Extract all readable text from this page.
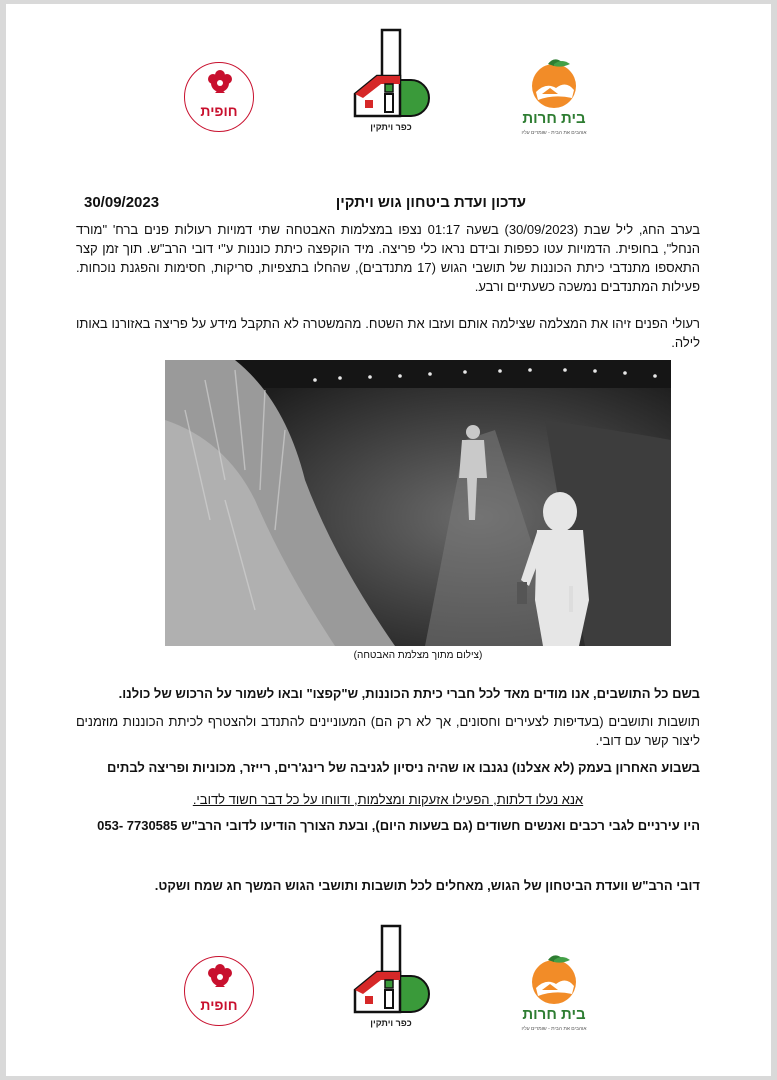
חופית
כפר ויתקין	בית חרות
אוהבים את הבית - שומרים עליו
30/09/2023	עדכון ועדת ביטחון גוש ויתקין
בערב החג, ליל שבת (30/09/2023) בשעה 01:17 נצפו במצלמות האבטחה שתי דמויות רעולות פנים ברח' "מורד הנחל", בחופית. הדמויות עטו כפפות ובידם נראו כלי פריצה. מיד הוקפצה כיתת כוננות ע"י דובי הרב"ש. תוך זמן קצר התאספו מתנדבי כיתת הכוננות של תושבי הגוש (17 מתנדבים), שהחלו בתצפיות, סריקות, חסימות והפגנת נוכחות. פעילות המתנדבים נמשכה כשעתיים ורבע.
רעולי הפנים זיהו את המצלמה שצילמה אותם ועזבו את השטח. מהמשטרה לא התקבל מידע על פריצה באזורנו באותו לילה.
(צילום מתוך מצלמת האבטחה)
בשם כל התושבים, אנו מודים מאד לכל חברי כיתת הכוננות, ש"קפצו" ובאו לשמור על הרכוש של כולנו.
תושבות ותושבים (בעדיפות לצעירים וחסונים, אך לא רק הם) המעוניינים להתנדב ולהצטרף לכיתת הכוננות מוזמנים ליצור קשר עם דובי.
בשבוע האחרון בעמק (לא אצלנו) נגנבו או שהיה ניסיון לגניבה של רינג'רים, רייזר, מכוניות ופריצה לבתים
אנא נעלו דלתות, הפעילו אזעקות ומצלמות, ודווחו על כל דבר חשוד לדובי.
היו עירניים לגבי רכבים ואנשים חשודים (גם בשעות היום), ובעת הצורך הודיעו לדובי הרב"ש 7730585 -053
דובי הרב"ש וועדת הביטחון של הגוש, מאחלים לכל תושבות ותושבי הגוש המשך חג שמח ושקט.
חופית
כפר ויתקין	בית חרות
אוהבים את הבית - שומרים עליו
